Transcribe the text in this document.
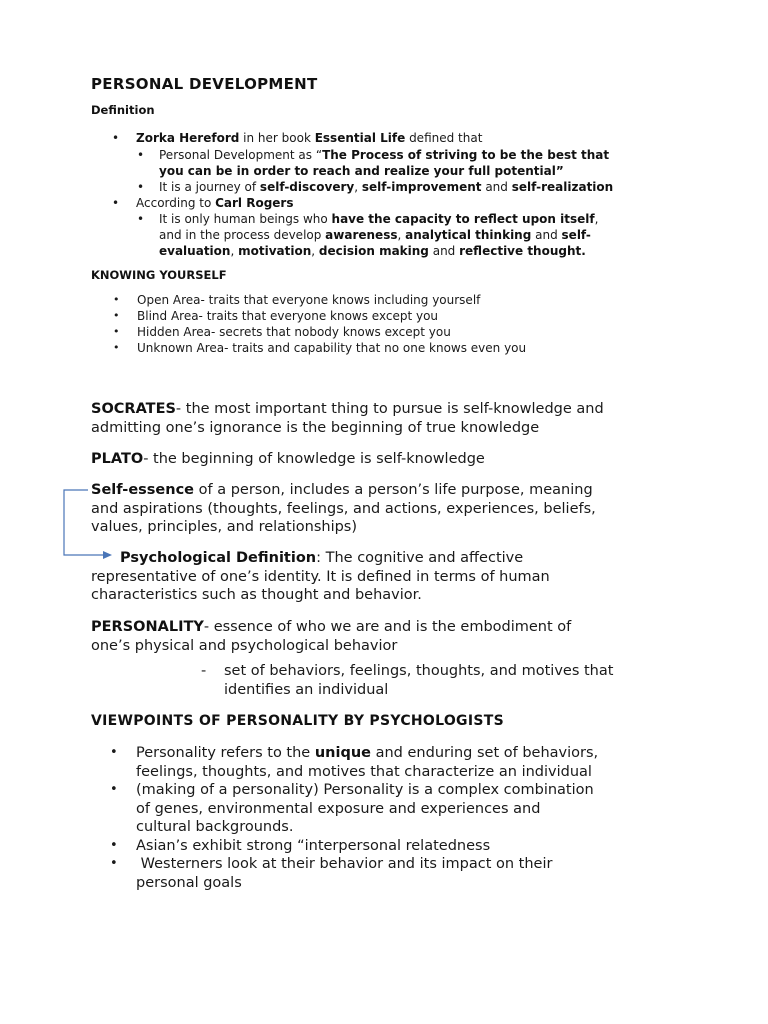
PERSONAL DEVELOPMENT
Definition
• Zorka Hereford in her book Essential Life defined that
• Personal Development as “The Process of striving to be the best that
you can be in order to reach and realize your full potential”
• It is a journey of self-discovery, self-improvement and self-realization
• According to Carl Rogers
• It is only human beings who have the capacity to reflect upon itself,
and in the process develop awareness, analytical thinking and self-
evaluation, motivation, decision making and reflective thought.
KNOWING YOURSELF
• Open Area- traits that everyone knows including yourself
• Blind Area- traits that everyone knows except you
• Hidden Area- secrets that nobody knows except you
• Unknown Area- traits and capability that no one knows even you
SOCRATES- the most important thing to pursue is self-knowledge and
admitting one’s ignorance is the beginning of true knowledge
PLATO- the beginning of knowledge is self-knowledge
Self-essence of a person, includes a person’s life purpose, meaning
and aspirations (thoughts, feelings, and actions, experiences, beliefs,
values, principles, and relationships)
Psychological Definition: The cognitive and affective
representative of one’s identity. It is defined in terms of human
characteristics such as thought and behavior.
PERSONALITY- essence of who we are and is the embodiment of
one’s physical and psychological behavior
- set of behaviors, feelings, thoughts, and motives that
identifies an individual
VIEWPOINTS OF PERSONALITY BY PSYCHOLOGISTS
• Personality refers to the unique and enduring set of behaviors,
feelings, thoughts, and motives that characterize an individual
• (making of a personality) Personality is a complex combination
of genes, environmental exposure and experiences and
cultural backgrounds.
• Asian’s exhibit strong “interpersonal relatedness
•  Westerners look at their behavior and its impact on their
personal goals
